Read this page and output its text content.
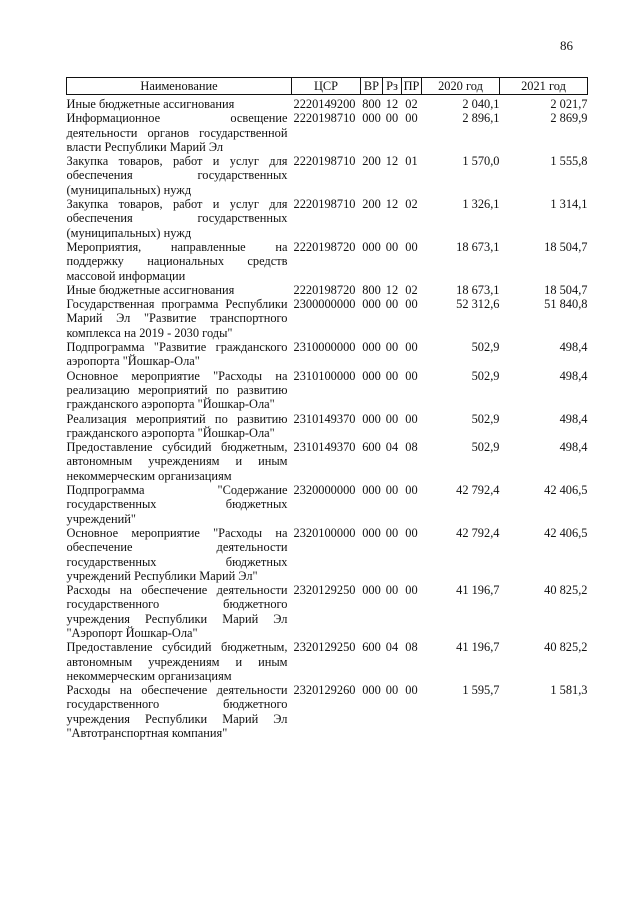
86
Наименование	ЦСР	ВР	Рз	ПР	2020 год	2021 год
Иные бюджетные ассигнования	2220149200	800	12	02	2 040,1	2 021,7
Информационное освещение деятельности органов государственной власти Республики Марий Эл	2220198710	000	00	00	2 896,1	2 869,9
Закупка товаров, работ и услуг для обеспечения государственных (муниципальных) нужд	2220198710	200	12	01	1 570,0	1 555,8
Закупка товаров, работ и услуг для обеспечения государственных (муниципальных) нужд	2220198710	200	12	02	1 326,1	1 314,1
Мероприятия, направленные на поддержку национальных средств массовой информации	2220198720	000	00	00	18 673,1	18 504,7
Иные бюджетные ассигнования	2220198720	800	12	02	18 673,1	18 504,7
Государственная программа Республики Марий Эл "Развитие транспортного комплекса на 2019 - 2030 годы"	2300000000	000	00	00	52 312,6	51 840,8
Подпрограмма "Развитие гражданского аэропорта "Йошкар-Ола"	2310000000	000	00	00	502,9	498,4
Основное мероприятие "Расходы на реализацию мероприятий по развитию гражданского аэропорта "Йошкар-Ола"	2310100000	000	00	00	502,9	498,4
Реализация мероприятий по развитию гражданского аэропорта "Йошкар-Ола"	2310149370	000	00	00	502,9	498,4
Предоставление субсидий бюджетным, автономным учреждениям и иным некоммерческим организациям	2310149370	600	04	08	502,9	498,4
Подпрограмма "Содержание государственных бюджетных учреждений"	2320000000	000	00	00	42 792,4	42 406,5
Основное мероприятие "Расходы на обеспечение деятельности государственных бюджетных учреждений Республики Марий Эл"	2320100000	000	00	00	42 792,4	42 406,5
Расходы на обеспечение деятельности государственного бюджетного учреждения Республики Марий Эл "Аэропорт Йошкар-Ола"	2320129250	000	00	00	41 196,7	40 825,2
Предоставление субсидий бюджетным, автономным учреждениям и иным некоммерческим организациям	2320129250	600	04	08	41 196,7	40 825,2
Расходы на обеспечение деятельности государственного бюджетного учреждения Республики Марий Эл "Автотранспортная компания"	2320129260	000	00	00	1 595,7	1 581,3
